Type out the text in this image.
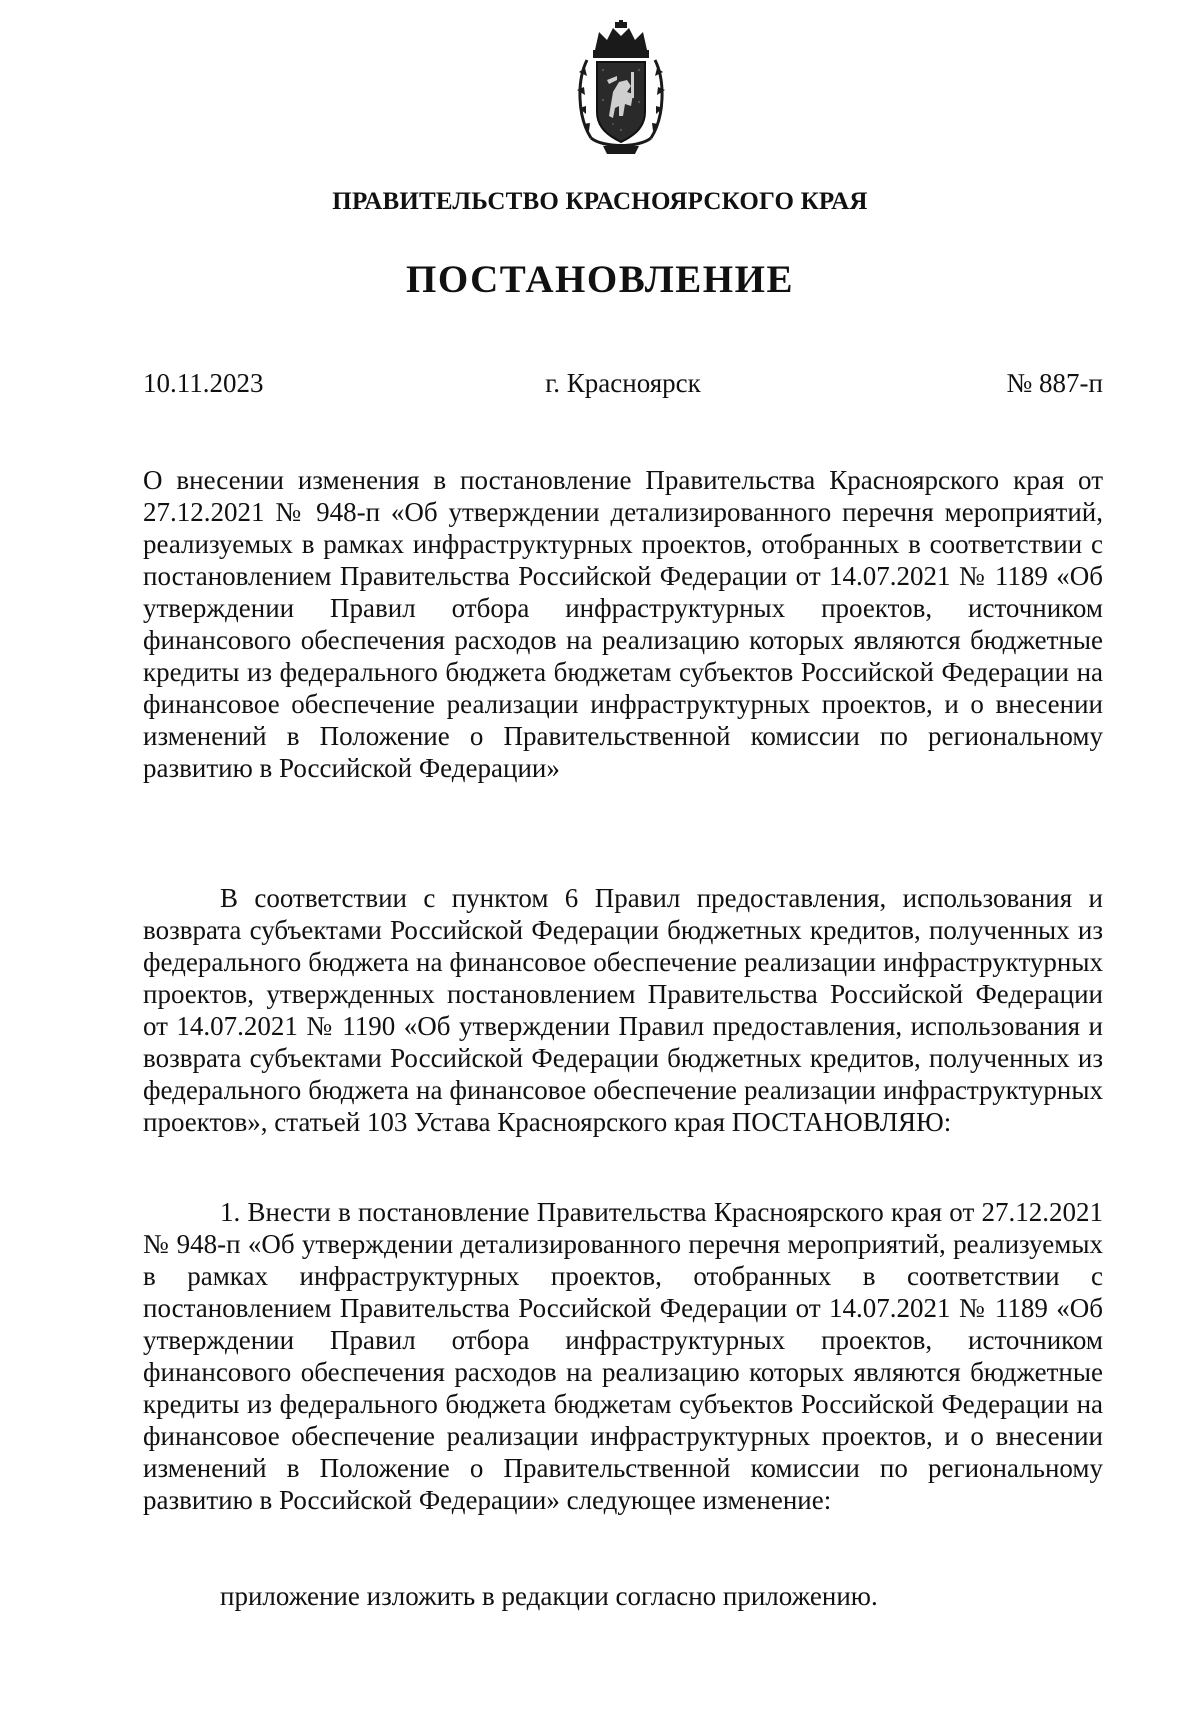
ПРАВИТЕЛЬСТВО КРАСНОЯРСКОГО КРАЯ
ПОСТАНОВЛЕНИЕ
10.11.2023	г. Красноярск	№ 887-п

О внесении изменения в постановление Правительства Красноярского края от 27.12.2021 № 948-п «Об утверждении детализированного перечня мероприятий, реализуемых в рамках инфраструктурных проектов, отобранных в соответствии с постановлением Правительства Российской Федерации от 14.07.2021 № 1189 «Об утверждении Правил отбора инфраструктурных проектов, источником финансового обеспечения расходов на реализацию которых являются бюджетные кредиты из федерального бюджета бюджетам субъектов Российской Федерации на финансовое обеспечение реализации инфраструктурных проектов, и о внесении изменений в Положение о Правительственной комиссии по региональному развитию в Российской Федерации»

В соответствии с пунктом 6 Правил предоставления, использования и возврата субъектами Российской Федерации бюджетных кредитов, полученных из федерального бюджета на финансовое обеспечение реализации инфраструктурных проектов, утвержденных постановлением Правительства Российской Федерации от 14.07.2021 № 1190 «Об утверждении Правил предоставления, использования и возврата субъектами Российской Федерации бюджетных кредитов, полученных из федерального бюджета на финансовое обеспечение реализации инфраструктурных проектов», статьей 103 Устава Красноярского края ПОСТАНОВЛЯЮ:

1. Внести в постановление Правительства Красноярского края от 27.12.2021 № 948-п «Об утверждении детализированного перечня мероприятий, реализуемых в рамках инфраструктурных проектов, отобранных в соответствии с постановлением Правительства Российской Федерации от 14.07.2021 № 1189 «Об утверждении Правил отбора инфраструктурных проектов, источником финансового обеспечения расходов на реализацию которых являются бюджетные кредиты из федерального бюджета бюджетам субъектов Российской Федерации на финансовое обеспечение реализации инфраструктурных проектов, и о внесении изменений в Положение о Правительственной комиссии по региональному развитию в Российской Федерации» следующее изменение:

приложение изложить в редакции согласно приложению.
